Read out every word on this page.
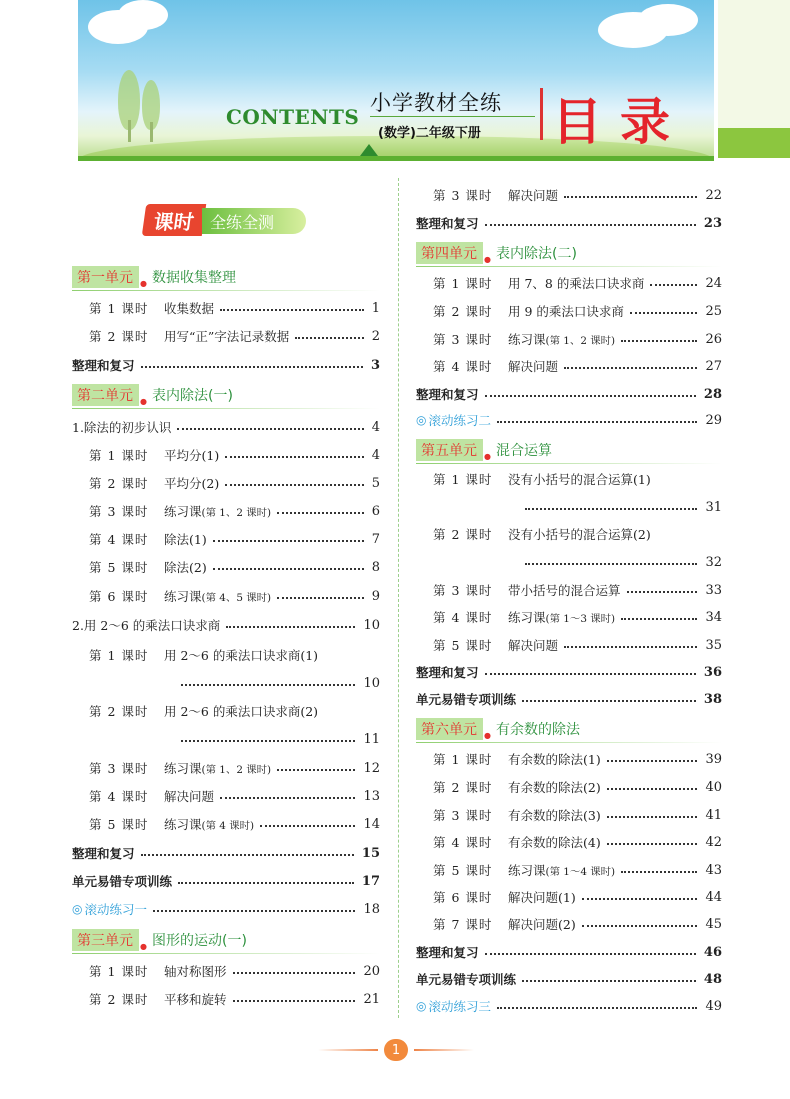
CONTENTS
小学教材全练
(数学)二年级下册 目录
课时 全练全测
第一单元 ● 数据收集整理
第 1 课时	收集数据	1
第 2 课时	用写“正”字法记录数据	2
整理和复习	3
第二单元 ● 表内除法(一)
1.除法的初步认识	4
第 1 课时	平均分(1)	4
第 2 课时	平均分(2)	5
第 3 课时	练习课 (第 1、2 课时)	6
第 4 课时	除法(1)	7
第 5 课时	除法(2)	8
第 6 课时	练习课 (第 4、5 课时)	9
2.用 2～6 的乘法口诀求商	10
第 1 课时	用 2～6 的乘法口诀求商(1)
10
第 2 课时	用 2～6 的乘法口诀求商(2)
11
第 3 课时	练习课 (第 1、2 课时)	12
第 4 课时	解决问题	13
第 5 课时	练习课 (第 4 课时)	14
整理和复习	15
单元易错专项训练	17
◎ 滚动练习一	18
第三单元 ● 图形的运动(一)
第 1 课时	轴对称图形	20
第 2 课时	平移和旋转	21
第 3 课时	解决问题	22
整理和复习	23
第四单元 ● 表内除法(二)
第 1 课时	用 7、8 的乘法口诀求商	24
第 2 课时	用 9 的乘法口诀求商	25
第 3 课时	练习课 (第 1、2 课时)	26
第 4 课时	解决问题	27
整理和复习	28
◎ 滚动练习二	29
第五单元 ● 混合运算
第 1 课时	没有小括号的混合运算(1)
31
第 2 课时	没有小括号的混合运算(2)
32
第 3 课时	带小括号的混合运算	33
第 4 课时	练习课 (第 1～3 课时)	34
第 5 课时	解决问题	35
整理和复习	36
单元易错专项训练	38
第六单元 ● 有余数的除法
第 1 课时	有余数的除法(1)	39
第 2 课时	有余数的除法(2)	40
第 3 课时	有余数的除法(3)	41
第 4 课时	有余数的除法(4)	42
第 5 课时	练习课 (第 1～4 课时)	43
第 6 课时	解决问题(1)	44
第 7 课时	解决问题(2)	45
整理和复习	46
单元易错专项训练	48
◎ 滚动练习三	49
1
